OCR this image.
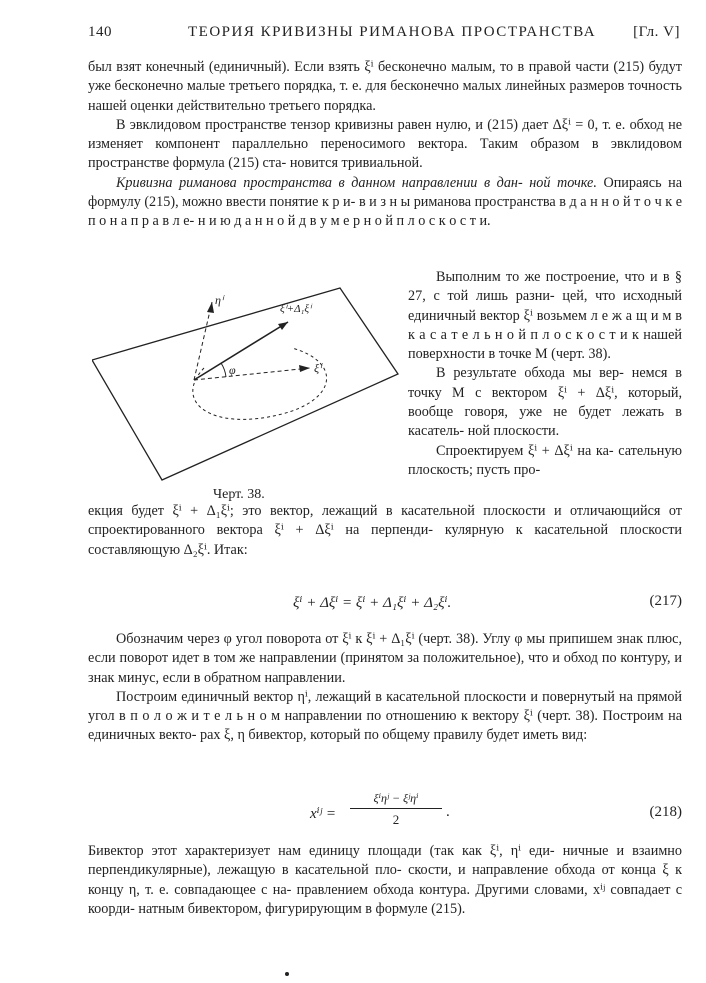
140	ТЕОРИЯ КРИВИЗНЫ РИМАНОВА ПРОСТРАНСТВА [Гл. V]

был взят конечный (единичный). Если взять ξⁱ бесконечно малым, то в правой части (215) будут уже бесконечно малые третьего порядка, т. е. для бесконечно малых линейных размеров точность нашей оценки действительно третьего порядка.

В эвклидовом пространстве тензор кривизны равен нулю, и (215) дает Δξⁱ = 0, т. е. обход не изменяет компонент параллельно переносимого вектора. Таким образом в эвклидовом пространстве формула (215) ста- новится тривиальной.

Кривизна риманова пространства в данном направлении в дан- ной точке. Опираясь на формулу (215), можно ввести понятие к р и- в и з н ы риманова пространства в д а н н о й т о ч к е п о н а п р а в л е- н и ю д а н н о й д в у м е р н о й п л о с к о с т и.

Выполним то же построение, что и в § 27, с той лишь разни- цей, что исходный единичный вектор ξⁱ возьмем л е ж а щ и м в к а с а т е л ь н о й п л о с к о с т и к нашей поверхности в точке M (черт. 38).

В результате обхода мы вер- немся в точку M с вектором ξⁱ + Δξⁱ, который, вообще говоря, уже не будет лежать в касатель- ной плоскости.

Спроектируем ξⁱ + Δξⁱ на ка- сательную плоскость; пусть про-

ηⁱ
ξⁱ+Δ₁ξⁱ
φ	ξⁱ
Черт. 38.

екция будет ξⁱ + Δ₁ξⁱ; это вектор, лежащий в касательной плоскости и отличающийся от спроектированного вектора ξⁱ + Δξⁱ на перпенди- кулярную к касательной плоскости составляющую Δ₂ξⁱ. Итак:

ξⁱ + Δξⁱ = ξⁱ + Δ₁ξⁱ + Δ₂ξⁱ.	(217)

Обозначим через φ угол поворота от ξⁱ к ξⁱ + Δ₁ξⁱ (черт. 38). Углу φ мы припишем знак плюс, если поворот идет в том же направлении (принятом за положительное), что и обход по контуру, и знак минус, если в обратном направлении.

Построим единичный вектор ηⁱ, лежащий в касательной плоскости и повернутый на прямой угол в п о л о ж и т е л ь н о м направлении по отношению к вектору ξⁱ (черт. 38). Построим на единичных векто- рах ξ, η бивектор, который по общему правилу будет иметь вид:

xⁱʲ =
ξⁱηʲ − ξʲηⁱ
2	.	(218)

Бивектор этот характеризует нам единицу площади (так как ξⁱ, ηⁱ еди- ничные и взаимно перпендикулярные), лежащую в касательной пло- скости, и направление обхода от конца ξ к концу η, т. е. совпадающее с на- правлением обхода контура. Другими словами, xⁱʲ совпадает с коорди- натным бивектором, фигурирующим в формуле (215).
